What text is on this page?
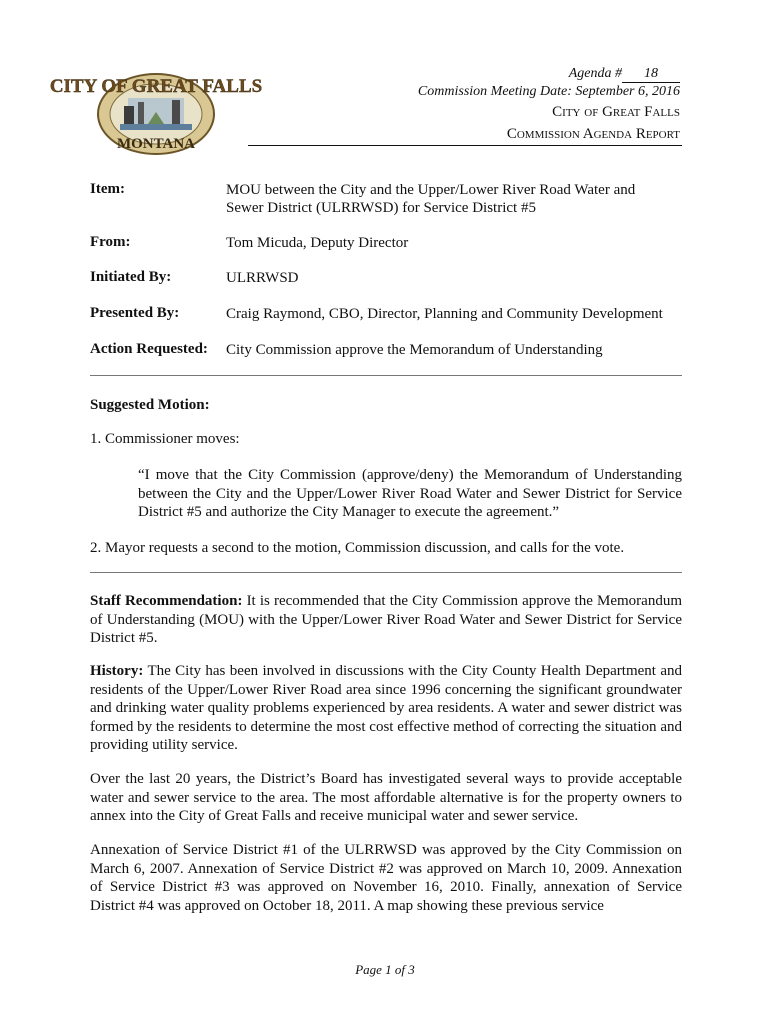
CITY OF GREAT FALLS
MONTANA
Agenda # 18
Commission Meeting Date: September 6, 2016
City of Great Falls
Commission Agenda Report
Item:	MOU between the City and the Upper/Lower River Road Water and Sewer District (ULRRWSD) for Service District #5
From:	Tom Micuda, Deputy Director
Initiated By:	ULRRWSD
Presented By:	Craig Raymond, CBO, Director, Planning and Community Development
Action Requested: City Commission approve the Memorandum of Understanding
Suggested Motion:
1. Commissioner moves:
“I move that the City Commission (approve/deny) the Memorandum of Understanding between the City and the Upper/Lower River Road Water and Sewer District for Service District #5 and authorize the City Manager to execute the agreement.”
2. Mayor requests a second to the motion, Commission discussion, and calls for the vote.
Staff Recommendation: It is recommended that the City Commission approve the Memorandum of Understanding (MOU) with the Upper/Lower River Road Water and Sewer District for Service District #5.
History: The City has been involved in discussions with the City County Health Department and residents of the Upper/Lower River Road area since 1996 concerning the significant groundwater and drinking water quality problems experienced by area residents. A water and sewer district was formed by the residents to determine the most cost effective method of correcting the situation and providing utility service.
Over the last 20 years, the District’s Board has investigated several ways to provide acceptable water and sewer service to the area. The most affordable alternative is for the property owners to annex into the City of Great Falls and receive municipal water and sewer service.
Annexation of Service District #1 of the ULRRWSD was approved by the City Commission on March 6, 2007. Annexation of Service District #2 was approved on March 10, 2009. Annexation of Service District #3 was approved on November 16, 2010. Finally, annexation of Service District #4 was approved on October 18, 2011. A map showing these previous service
Page 1 of 3
